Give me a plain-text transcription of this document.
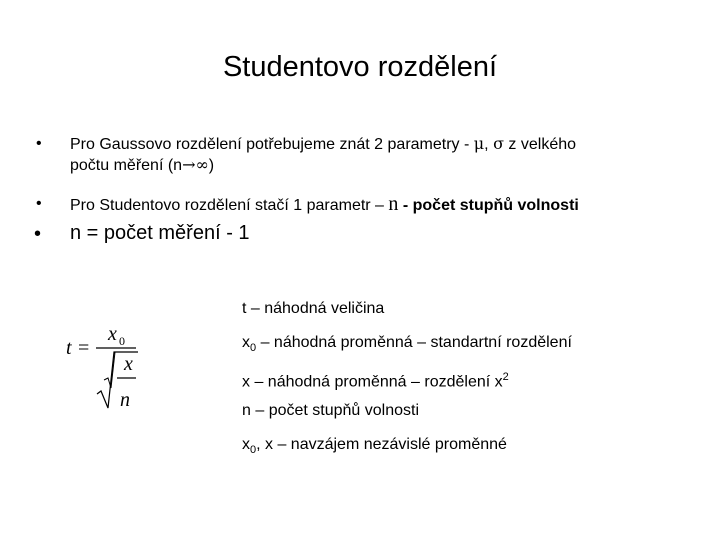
Studentovo rozdělení
• Pro Gaussovo rozdělení potřebujeme znát 2 parametry - μ, σ z velkého
počtu měření (n→∞)
• Pro Studentovo rozdělení stačí 1 parametr – n - počet stupňů volnosti
• n = počet měření - 1
t =
x 0
x
n
t – náhodná veličina
$x_0$ – náhodná proměnná – standartní rozdělení
x – náhodná proměnná – rozdělení $x^2$
n – počet stupňů volnosti
$x_0$, x – navzájem nezávislé proměnné
